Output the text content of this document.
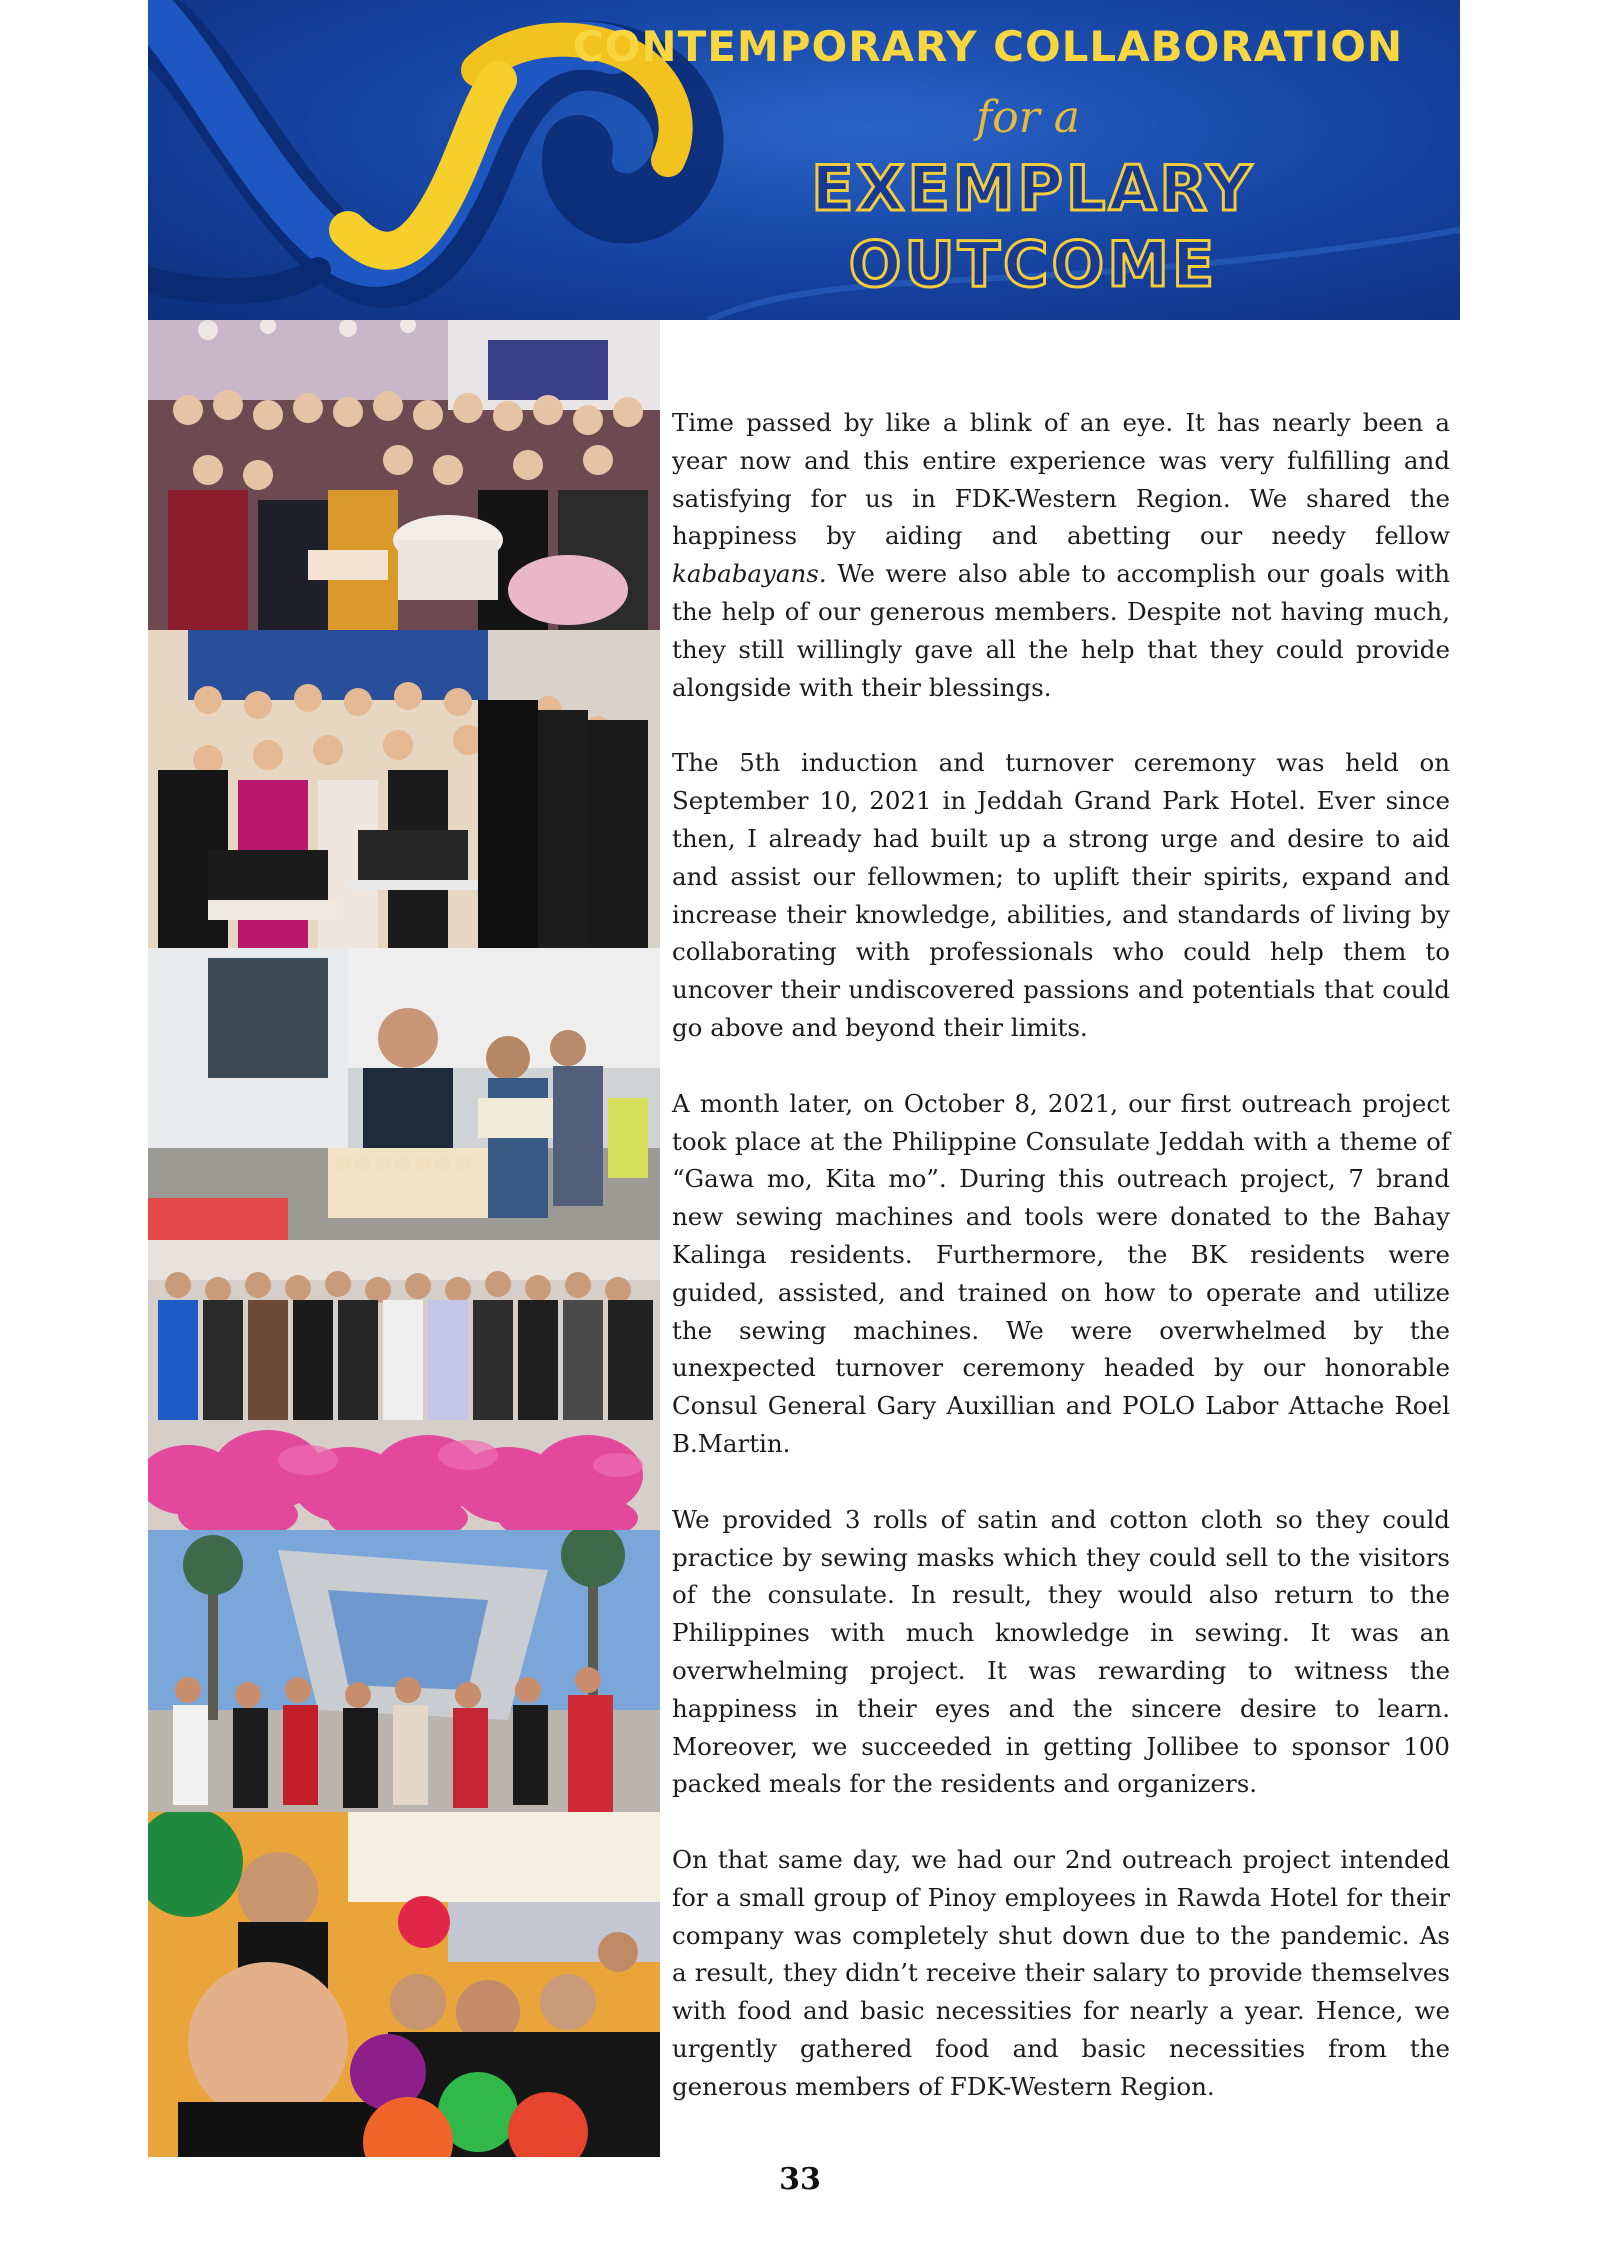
CONTEMPORARY COLLABORATION
for a
EXEMPLARY
OUTCOME

Time passed by like a blink of an eye. It has nearly been a year now and this entire experience was very fulfilling and satisfying for us in FDK-Western Region. We shared the happiness by aiding and abetting our needy fellow kababayans. We were also able to accomplish our goals with the help of our generous members. Despite not having much, they still willingly gave all the help that they could provide alongside with their blessings.

The 5th induction and turnover ceremony was held on September 10, 2021 in Jeddah Grand Park Hotel. Ever since then, I already had built up a strong urge and desire to aid and assist our fellowmen; to uplift their spirits, expand and increase their knowledge, abilities, and standards of living by collaborating with professionals who could help them to uncover their undiscovered passions and potentials that could go above and beyond their limits.

A month later, on October 8, 2021, our first outreach project took place at the Philippine Consulate Jeddah with a theme of “Gawa mo, Kita mo”. During this outreach project, 7 brand new sewing machines and tools were donated to the Bahay Kalinga residents. Furthermore, the BK residents were guided, assisted, and trained on how to operate and utilize the sewing machines. We were overwhelmed by the unexpected turnover ceremony headed by our honorable Consul General Gary Auxillian and POLO Labor Attache Roel B.Martin.

We provided 3 rolls of satin and cotton cloth so they could practice by sewing masks which they could sell to the visitors of the consulate. In result, they would also return to the Philippines with much knowledge in sewing. It was an overwhelming project. It was rewarding to witness the happiness in their eyes and the sincere desire to learn. Moreover, we succeeded in getting Jollibee to sponsor 100 packed meals for the residents and organizers.

On that same day, we had our 2nd outreach project intended for a small group of Pinoy employees in Rawda Hotel for their company was completely shut down due to the pandemic. As a result, they didn’t receive their salary to provide themselves with food and basic necessities for nearly a year. Hence, we urgently gathered food and basic necessities from the generous members of FDK-Western Region.

33
